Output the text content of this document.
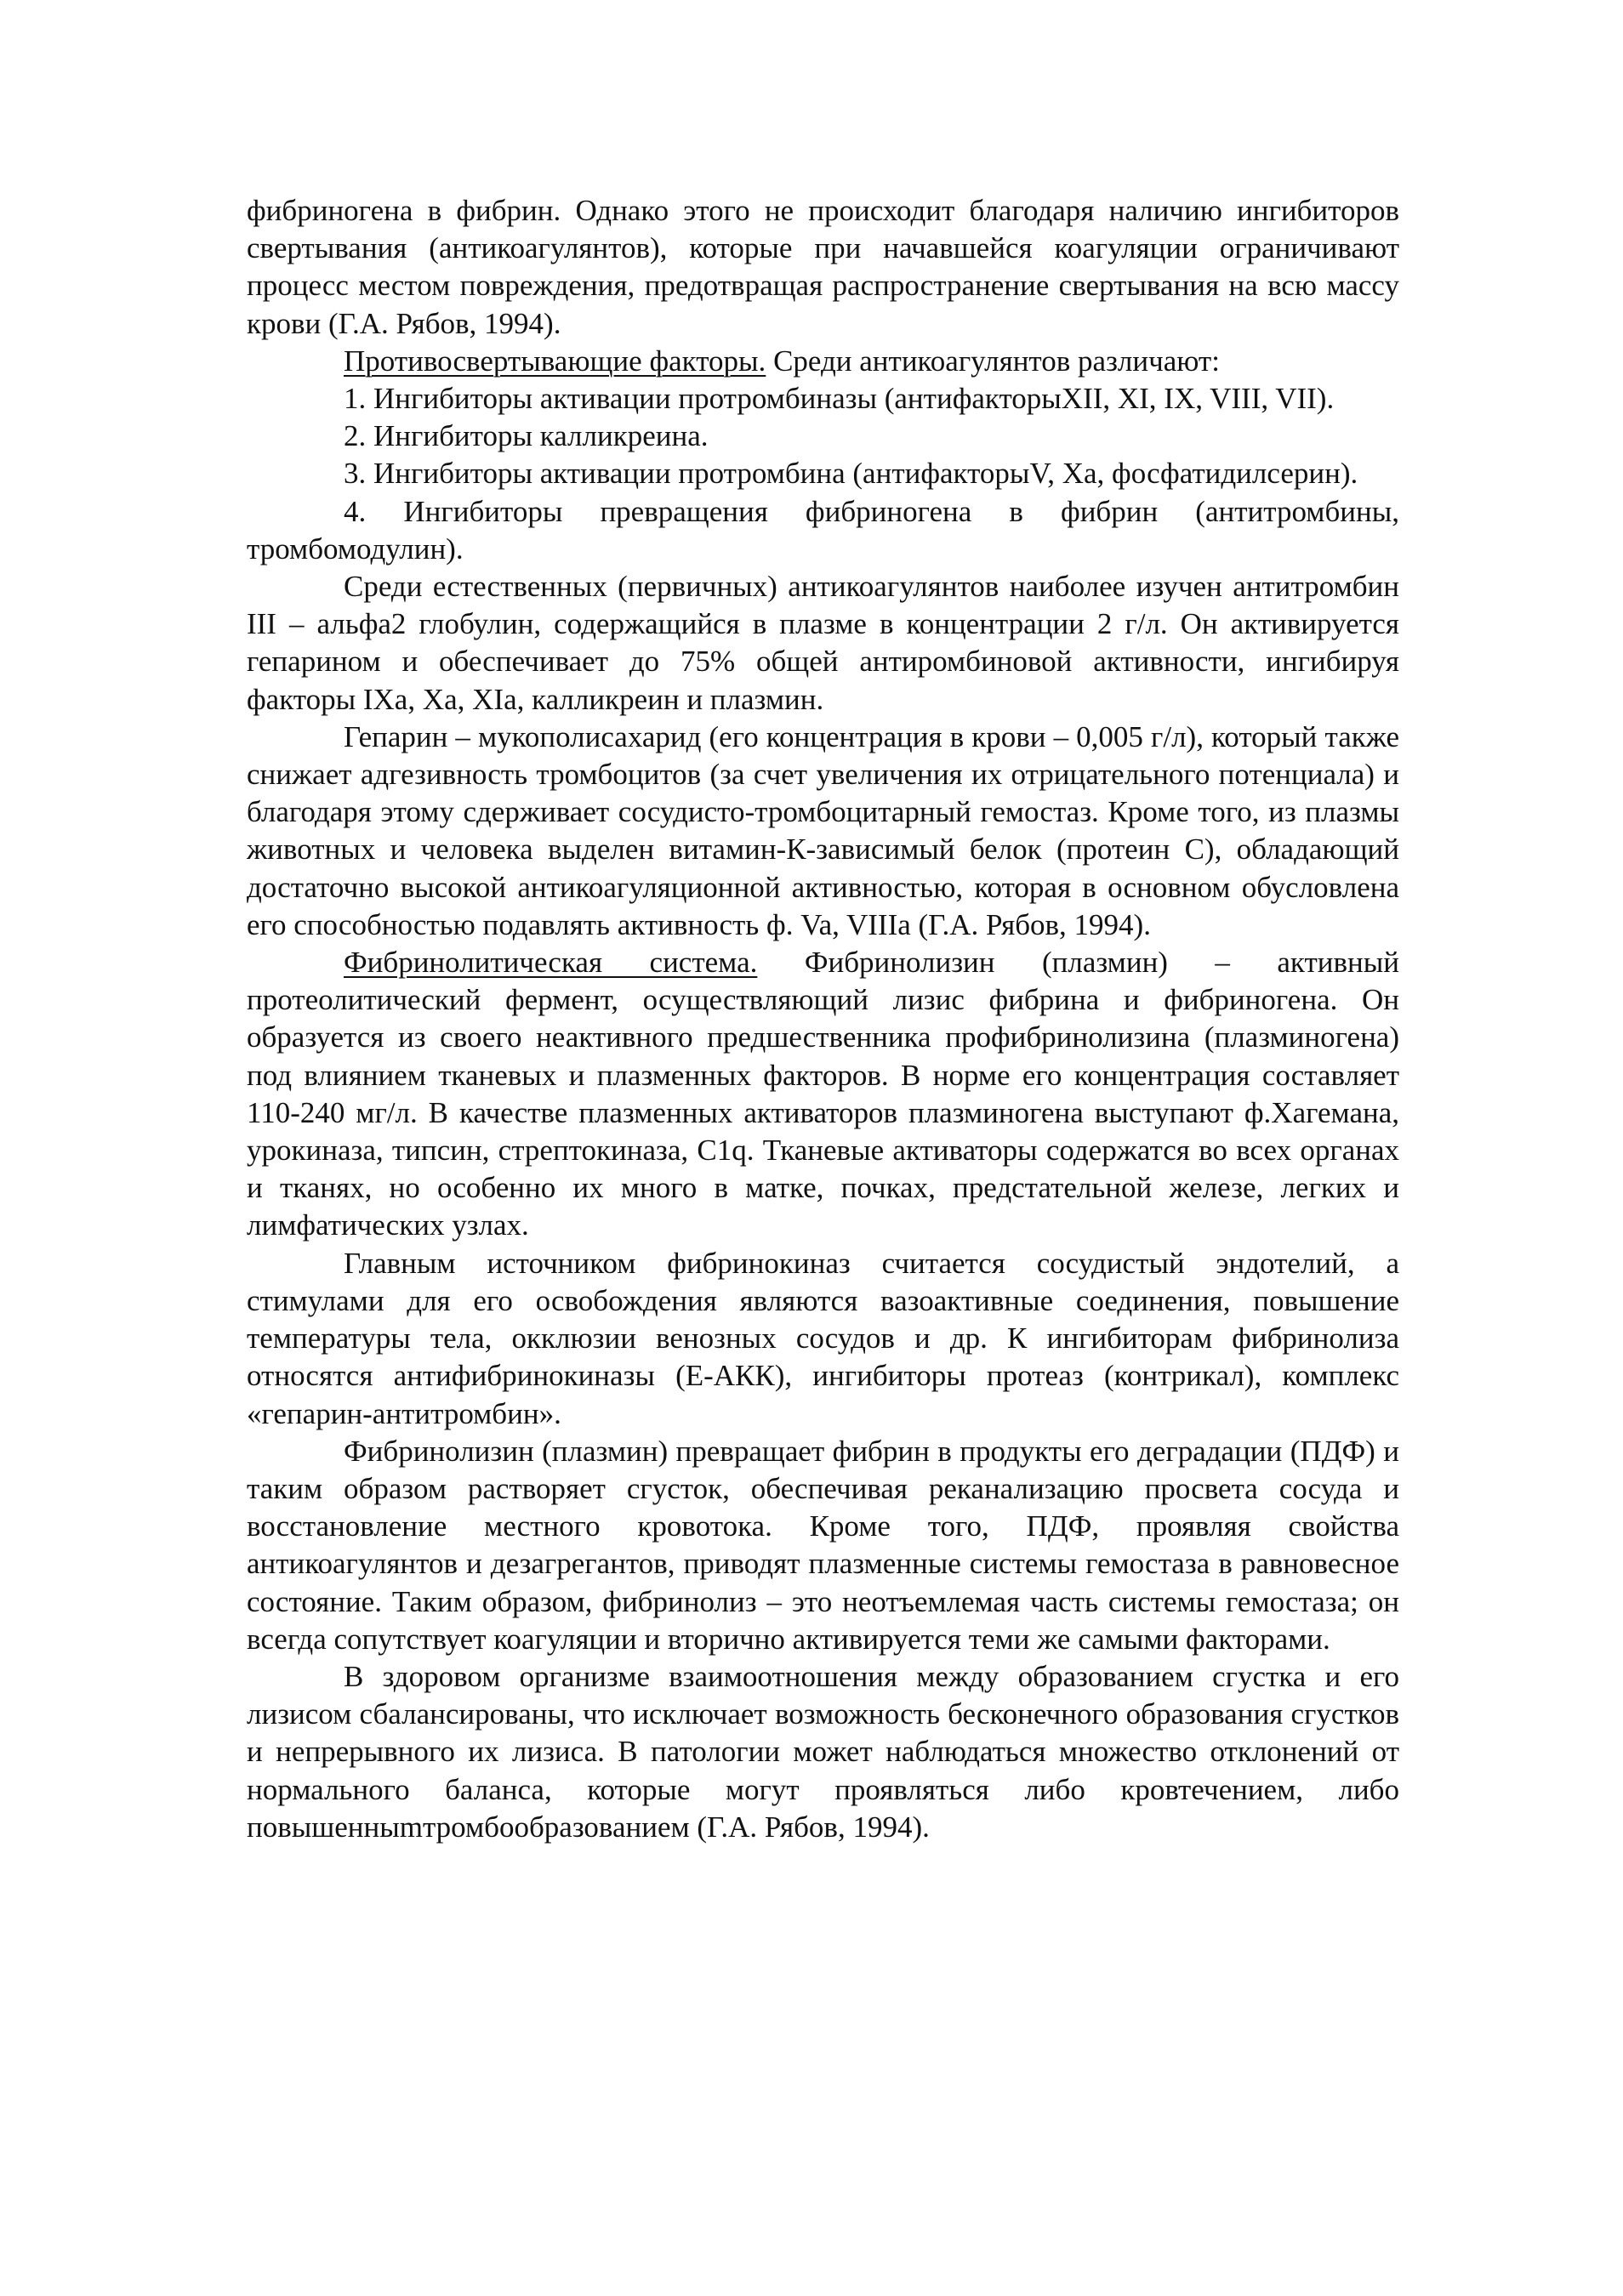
фибриногена в фибрин. Однако этого не происходит благодаря наличию ингибиторов свертывания (антикоагулянтов), которые при начавшейся коагуляции ограничивают процесс местом повреждения, предотвращая распространение свертывания на всю массу крови (Г.А. Рябов, 1994).

Противосвертывающие факторы. Среди антикоагулянтов различают:

1. Ингибиторы активации протромбиназы (антифакторыXII, XI, IX, VIII, VII).

2. Ингибиторы калликреина.

3. Ингибиторы активации протромбина (антифакторыV, Xa, фосфатидилсерин).

4. Ингибиторы превращения фибриногена в фибрин (антитромбины, тромбомодулин).

Среди естественных (первичных) антикоагулянтов наиболее изучен антитромбин III – альфа2 глобулин, содержащийся в плазме в концентрации 2 г/л. Он активируется гепарином и обеспечивает до 75% общей антиромбиновой активности, ингибируя факторы IXa, Xa, XIa, калликреин и плазмин.

Гепарин – мукополисахарид (его концентрация в крови – 0,005 г/л), который также снижает адгезивность тромбоцитов (за счет увеличения их отрицательного потенциала) и благодаря этому сдерживает сосудисто-тромбоцитарный гемостаз. Кроме того, из плазмы животных и человека выделен витамин-К-зависимый белок (протеин С), обладающий достаточно высокой антикоагуляционной активностью, которая в основном обусловлена его способностью подавлять активность ф. Va, VIIIa (Г.А. Рябов, 1994).

Фибринолитическая система. Фибринолизин (плазмин) – активный протеолитический фермент, осуществляющий лизис фибрина и фибриногена. Он образуется из своего неактивного предшественника профибринолизина (плазминогена) под влиянием тканевых и плазменных факторов. В норме его концентрация составляет 110-240 мг/л. В качестве плазменных активаторов плазминогена выступают ф.Хагемана, урокиназа, типсин, стрептокиназа, C1q. Тканевые активаторы содержатся во всех органах и тканях, но особенно их много в матке, почках, предстательной железе, легких и лимфатических узлах.

Главным источником фибринокиназ считается сосудистый эндотелий, а стимулами для его освобождения являются вазоактивные соединения, повышение температуры тела, окклюзии венозных сосудов и др. К ингибиторам фибринолиза относятся антифибринокиназы (Е-АКК), ингибиторы протеаз (контрикал), комплекс «гепарин-антитромбин».

Фибринолизин (плазмин) превращает фибрин в продукты его деградации (ПДФ) и таким образом растворяет сгусток, обеспечивая реканализацию просвета сосуда и восстановление местного кровотока. Кроме того, ПДФ, проявляя свойства антикоагулянтов и дезагрегантов, приводят плазменные системы гемостаза в равновесное состояние. Таким образом, фибринолиз – это неотъемлемая часть системы гемостаза; он всегда сопутствует коагуляции и вторично активируется теми же самыми факторами.

В здоровом организме взаимоотношения между образованием сгустка и его лизисом сбалансированы, что исключает возможность бесконечного образования сгустков и непрерывного их лизиса. В патологии может наблюдаться множество отклонений от нормального баланса, которые могут проявляться либо кровтечением, либо повышенныmтромбообразованием (Г.А. Рябов, 1994).
